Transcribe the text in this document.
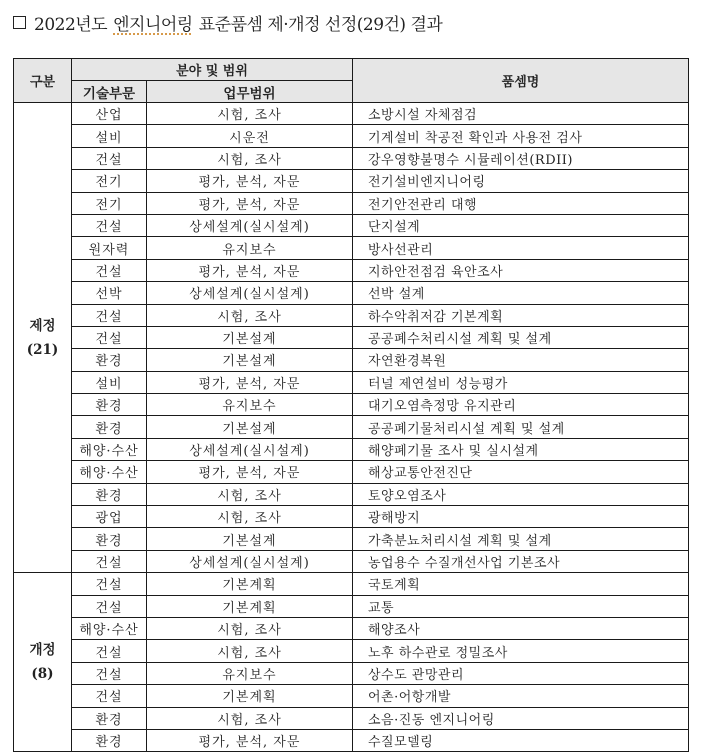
2022년도 엔지니어링 표준품셈 제·개정 선정(29건) 결과
구분	분야 및 범위		품셈명
	기술부문	업무범위	

제정
(21)	산업	시험, 조사	소방시설 자체점검
	설비	시운전	기계설비 착공전 확인과 사용전 검사
	건설	시험, 조사	강우영향불명수 시뮬레이션(RDII)
	전기	평가, 분석, 자문	전기설비엔지니어링
	전기	평가, 분석, 자문	전기안전관리 대행
	건설	상세설계(실시설계)	단지설계
	원자력	유지보수	방사선관리
	건설	평가, 분석, 자문	지하안전점검 육안조사
	선박	상세설계(실시설계)	선박 설계
	건설	시험, 조사	하수악취저감 기본계획
	건설	기본설계	공공폐수처리시설 계획 및 설계
	환경	기본설계	자연환경복원
	설비	평가, 분석, 자문	터널 제연설비 성능평가
	환경	유지보수	대기오염측정망 유지관리
	환경	기본설계	공공폐기물처리시설 계획 및 설계
	해양·수산	상세설계(실시설계)	해양폐기물 조사 및 실시설계
	해양·수산	평가, 분석, 자문	해상교통안전진단
	환경	시험, 조사	토양오염조사
	광업	시험, 조사	광해방지
	환경	기본설계	가축분뇨처리시설 계획 및 설계
	건설	상세설계(실시설계)	농업용수 수질개선사업 기본조사

개정
(8)	건설	기본계획	국토계획
	건설	기본계획	교통
	해양·수산	시험, 조사	해양조사
	건설	시험, 조사	노후 하수관로 정밀조사
	건설	유지보수	상수도 관망관리
	건설	기본계획	어촌·어항개발
	환경	시험, 조사	소음·진동 엔지니어링
	환경	평가, 분석, 자문	수질모델링
